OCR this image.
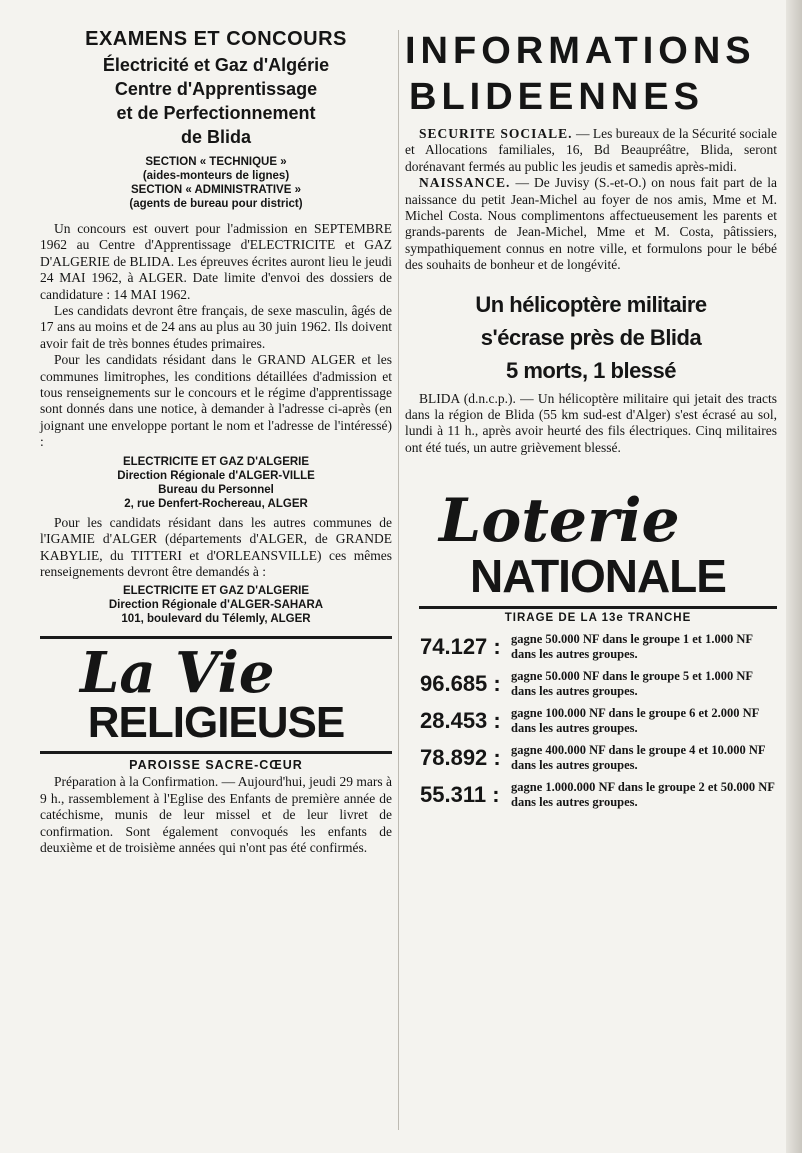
EXAMENS ET CONCOURS
Électricité et Gaz d'Algérie
Centre d'Apprentissage
et de Perfectionnement
de Blida
SECTION « TECHNIQUE »
(aides-monteurs de lignes)
SECTION « ADMINISTRATIVE »
(agents de bureau pour district)

Un concours est ouvert pour l'admission en SEPTEMBRE 1962 au Centre d'Apprentissage d'ELECTRICITE et GAZ D'ALGERIE de BLIDA. Les épreuves écrites auront lieu le jeudi 24 MAI 1962, à ALGER. Date limite d'envoi des dossiers de candidature : 14 MAI 1962.

Les candidats devront être français, de sexe masculin, âgés de 17 ans au moins et de 24 ans au plus au 30 juin 1962. Ils doivent avoir fait de très bonnes études primaires.

Pour les candidats résidant dans le GRAND ALGER et les communes limitrophes, les conditions détaillées d'admission et tous renseignements sur le concours et le régime d'apprentissage sont donnés dans une notice, à demander à l'adresse ci-après (en joignant une enveloppe portant le nom et l'adresse de l'intéressé) :

ELECTRICITE ET GAZ D'ALGERIE
Direction Régionale d'ALGER-VILLE
Bureau du Personnel
2, rue Denfert-Rochereau, ALGER

Pour les candidats résidant dans les autres communes de l'IGAMIE d'ALGER (départements d'ALGER, de GRANDE KABYLIE, du TITTERI et d'ORLEANSVILLE) ces mêmes renseignements devront être demandés à :

ELECTRICITE ET GAZ D'ALGERIE
Direction Régionale d'ALGER-SAHARA
101, boulevard du Télemly, ALGER
La Vie
RELIGIEUSE
PAROISSE SACRE-CŒUR

Préparation à la Confirmation. — Aujourd'hui, jeudi 29 mars à 9 h., rassemblement à l'Eglise des Enfants de première année de catéchisme, munis de leur missel et de leur livret de confirmation. Sont également convoqués les enfants de deuxième et de troisième années qui n'ont pas été confirmés.

INFORMATIONS
BLIDEENNES

SECURITE SOCIALE. — Les bureaux de la Sécurité sociale et Allocations familiales, 16, Bd Beaupréâtre, Blida, seront dorénavant fermés au public les jeudis et samedis après-midi.

NAISSANCE. — De Juvisy (S.-et-O.) on nous fait part de la naissance du petit Jean-Michel au foyer de nos amis, Mme et M. Michel Costa. Nous complimentons affectueusement les parents et grands-parents de Jean-Michel, Mme et M. Costa, pâtissiers, sympathiquement connus en notre ville, et formulons pour le bébé des souhaits de bonheur et de longévité.

Un hélicoptère militaire
s'écrase près de Blida
5 morts, 1 blessé

BLIDA (d.n.c.p.). — Un hélicoptère militaire qui jetait des tracts dans la région de Blida (55 km sud-est d'Alger) s'est écrasé au sol, lundi à 11 h., après avoir heurté des fils électriques. Cinq militaires ont été tués, un autre grièvement blessé.

Loterie
NATIONALE
TIRAGE DE LA 13e TRANCHE
74.127 :	gagne 50.000 NF dans le groupe 1 et 1.000 NF dans les autres groupes.
96.685 :	gagne 50.000 NF dans le groupe 5 et 1.000 NF dans les autres groupes.
28.453 :	gagne 100.000 NF dans le groupe 6 et 2.000 NF dans les autres groupes.
78.892 :	gagne 400.000 NF dans le groupe 4 et 10.000 NF dans les autres groupes.
55.311 :	gagne 1.000.000 NF dans le groupe 2 et 50.000 NF dans les autres groupes.
